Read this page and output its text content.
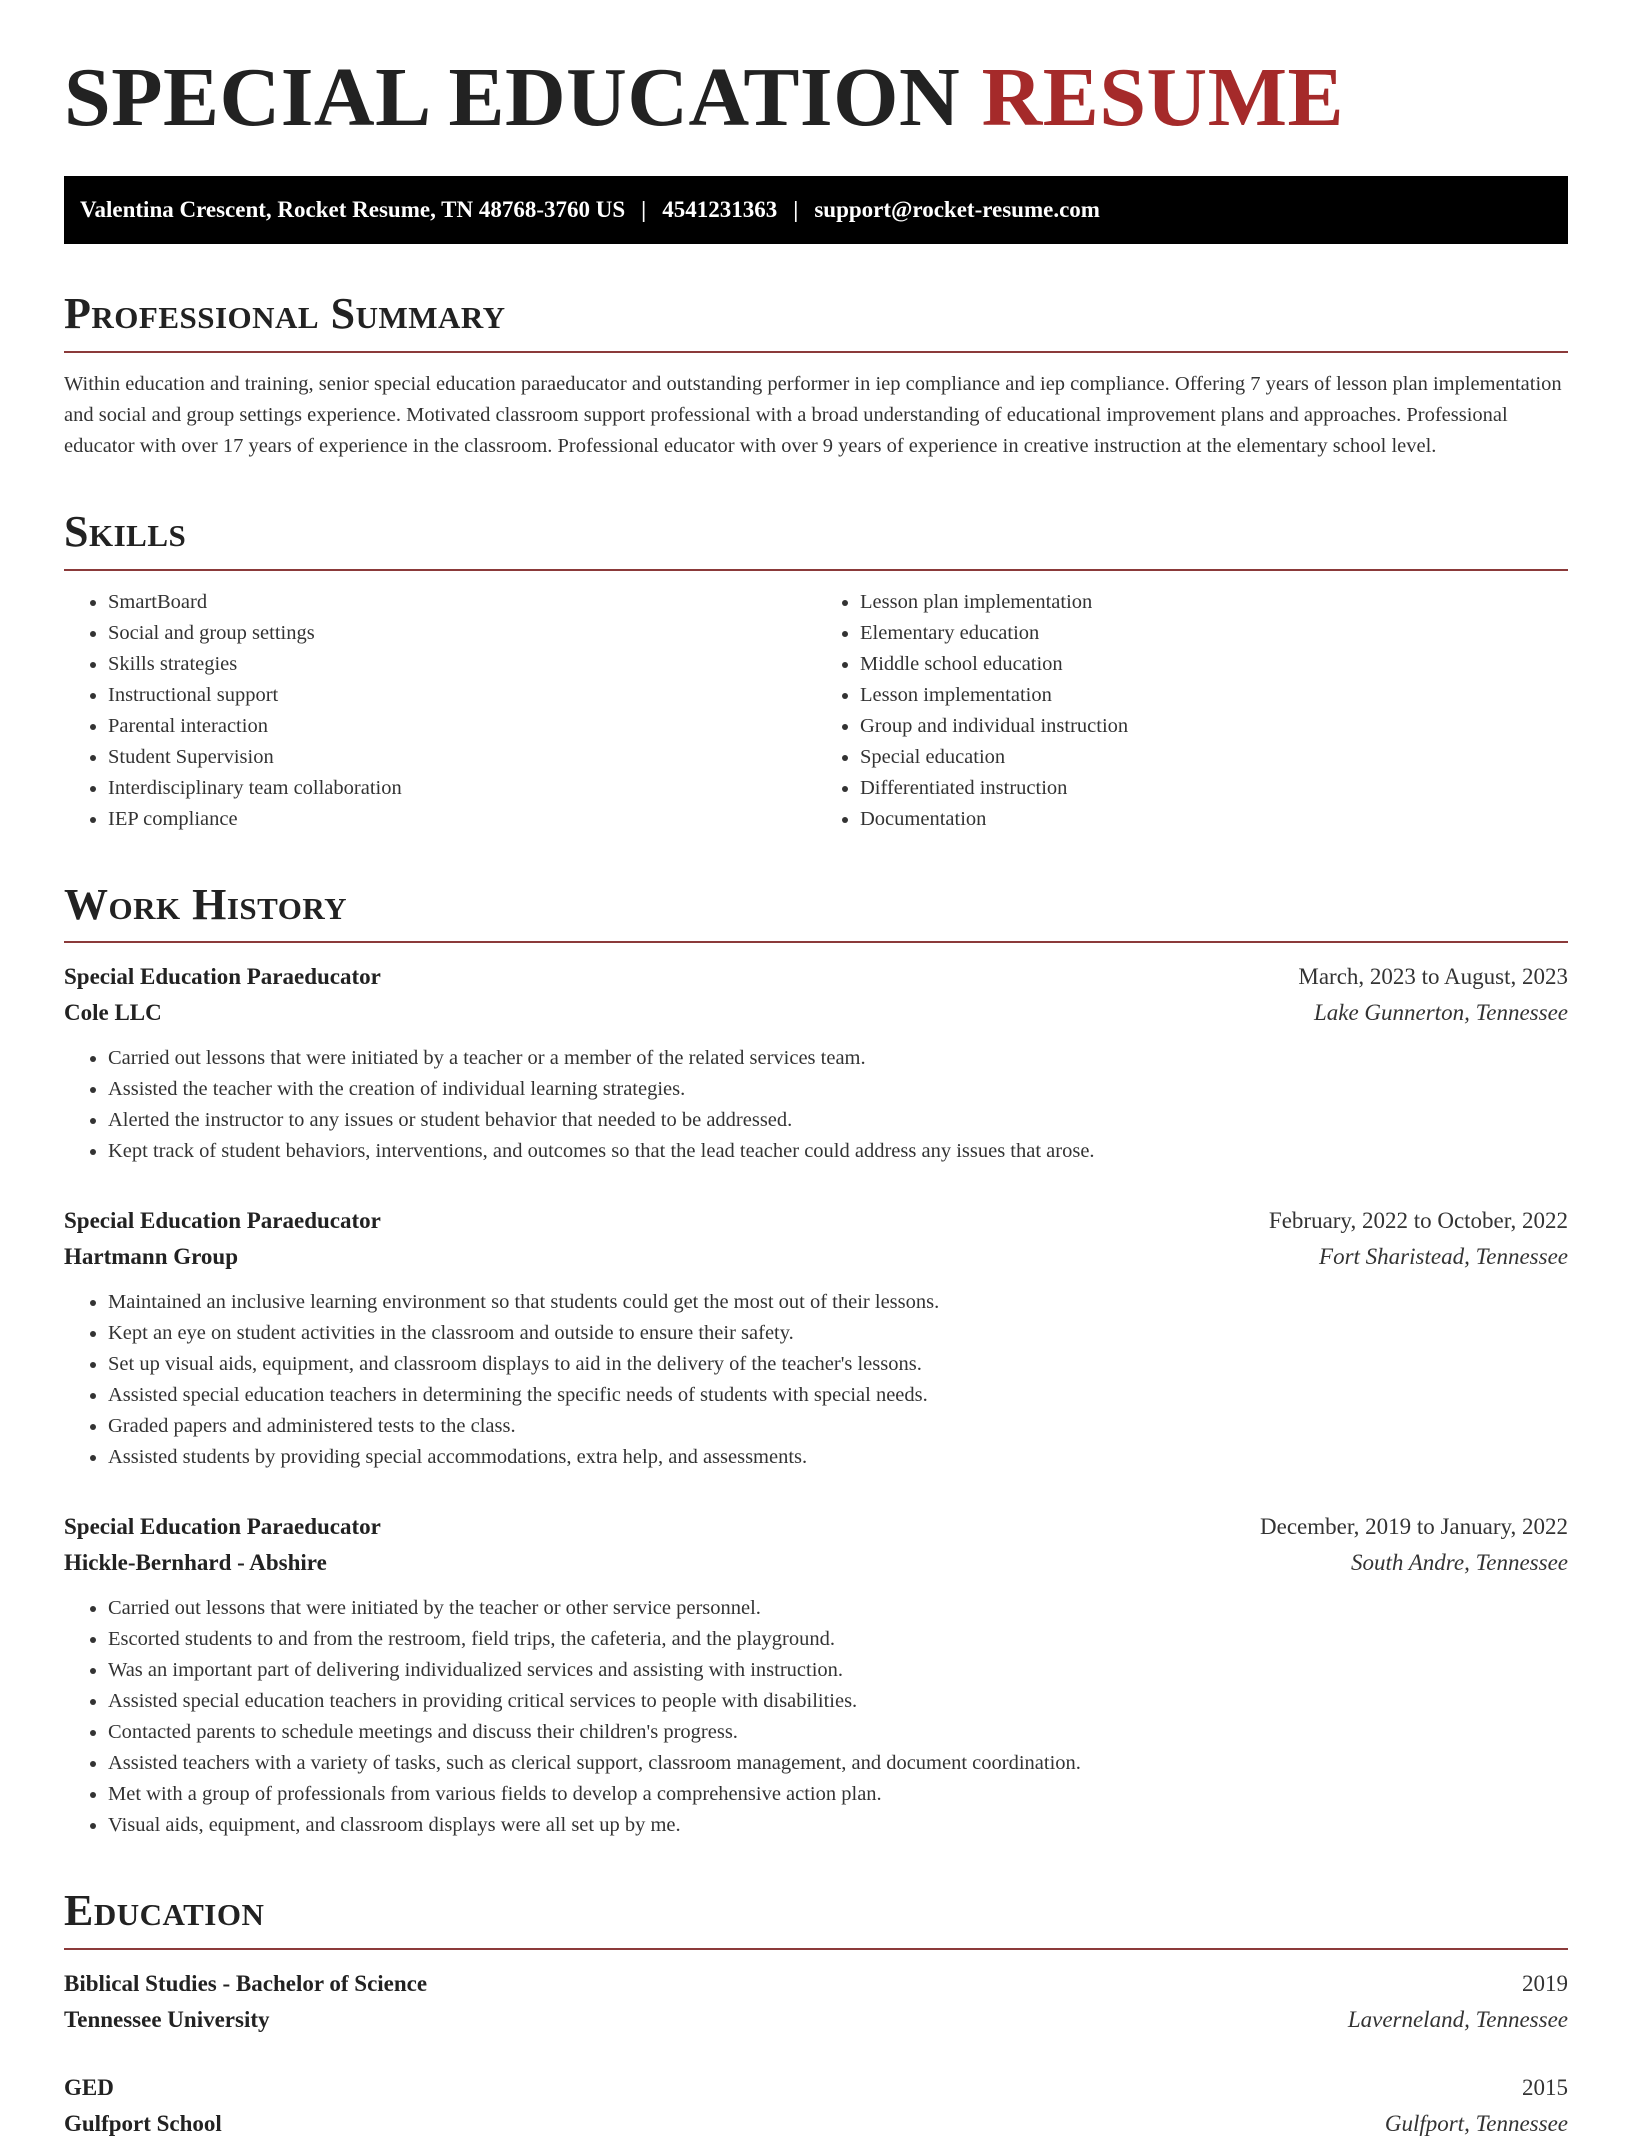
SPECIAL EDUCATION RESUME
Valentina Crescent, Rocket Resume, TN 48768-3760 US | 4541231363 | support@rocket-resume.com
Professional Summary

Within education and training, senior special education paraeducator and outstanding performer in iep compliance and iep compliance. Offering 7 years of lesson plan implementation and social and group settings experience. Motivated classroom support professional with a broad understanding of educational improvement plans and approaches. Professional educator with over 17 years of experience in the classroom. Professional educator with over 9 years of experience in creative instruction at the elementary school level.

Skills
• SmartBoard
• Social and group settings
• Skills strategies
• Instructional support
• Parental interaction
• Student Supervision
• Interdisciplinary team collaboration
• IEP compliance
• Lesson plan implementation
• Elementary education
• Middle school education
• Lesson implementation
• Group and individual instruction
• Special education
• Differentiated instruction
• Documentation
Work History
Special Education Paraeducator	March, 2023 to August, 2023
Cole LLC	Lake Gunnerton, Tennessee
• Carried out lessons that were initiated by a teacher or a member of the related services team.
• Assisted the teacher with the creation of individual learning strategies.
• Alerted the instructor to any issues or student behavior that needed to be addressed.
• Kept track of student behaviors, interventions, and outcomes so that the lead teacher could address any issues that arose.
Special Education Paraeducator	February, 2022 to October, 2022
Hartmann Group	Fort Sharistead, Tennessee
• Maintained an inclusive learning environment so that students could get the most out of their lessons.
• Kept an eye on student activities in the classroom and outside to ensure their safety.
• Set up visual aids, equipment, and classroom displays to aid in the delivery of the teacher's lessons.
• Assisted special education teachers in determining the specific needs of students with special needs.
• Graded papers and administered tests to the class.
• Assisted students by providing special accommodations, extra help, and assessments.
Special Education Paraeducator	December, 2019 to January, 2022
Hickle-Bernhard - Abshire	South Andre, Tennessee
• Carried out lessons that were initiated by the teacher or other service personnel.
• Escorted students to and from the restroom, field trips, the cafeteria, and the playground.
• Was an important part of delivering individualized services and assisting with instruction.
• Assisted special education teachers in providing critical services to people with disabilities.
• Contacted parents to schedule meetings and discuss their children's progress.
• Assisted teachers with a variety of tasks, such as clerical support, classroom management, and document coordination.
• Met with a group of professionals from various fields to develop a comprehensive action plan.
• Visual aids, equipment, and classroom displays were all set up by me.
Education
Biblical Studies - Bachelor of Science	2019
Tennessee University	Laverneland, Tennessee
GED	2015
Gulfport School	Gulfport, Tennessee
